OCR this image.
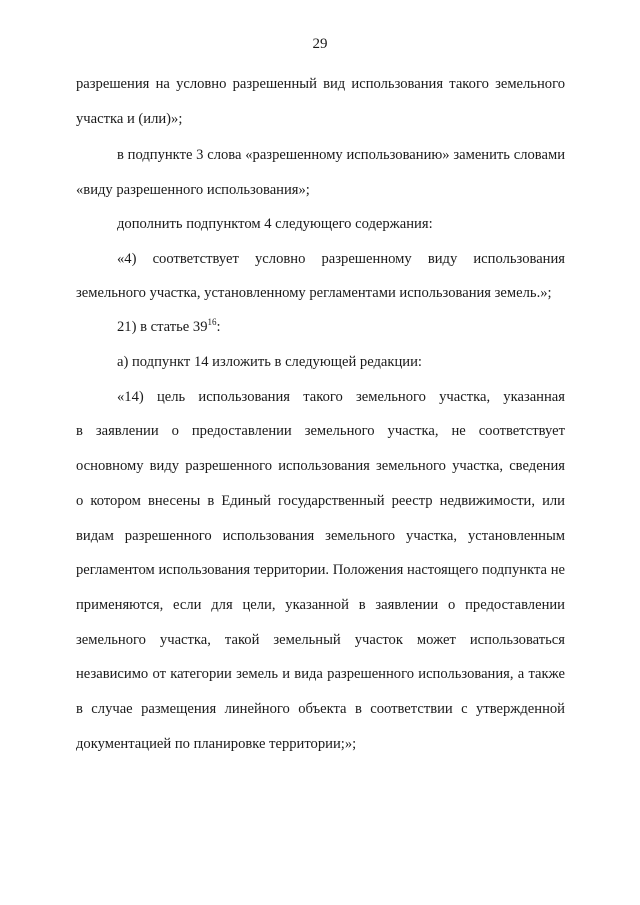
29
разрешения на условно разрешенный вид использования такого земельного
участка и (или)»;
в подпункте 3 слова «разрешенному использованию» заменить словами
«виду разрешенного использования»;
дополнить подпунктом 4 следующего содержания:
«4) соответствует условно разрешенному виду использования
земельного участка, установленному регламентами использования земель.»;
21) в статье $39^{16}$:
а) подпункт 14 изложить в следующей редакции:
«14) цель использования такого земельного участка, указанная
в заявлении о предоставлении земельного участка, не соответствует
основному виду разрешенного использования земельного участка, сведения
о котором внесены в Единый государственный реестр недвижимости, или
видам разрешенного использования земельного участка, установленным
регламентом использования территории. Положения настоящего подпункта не
применяются, если для цели, указанной в заявлении о предоставлении
земельного участка, такой земельный участок может использоваться
независимо от категории земель и вида разрешенного использования, а также
в случае размещения линейного объекта в соответствии с утвержденной
документацией по планировке территории;»;
